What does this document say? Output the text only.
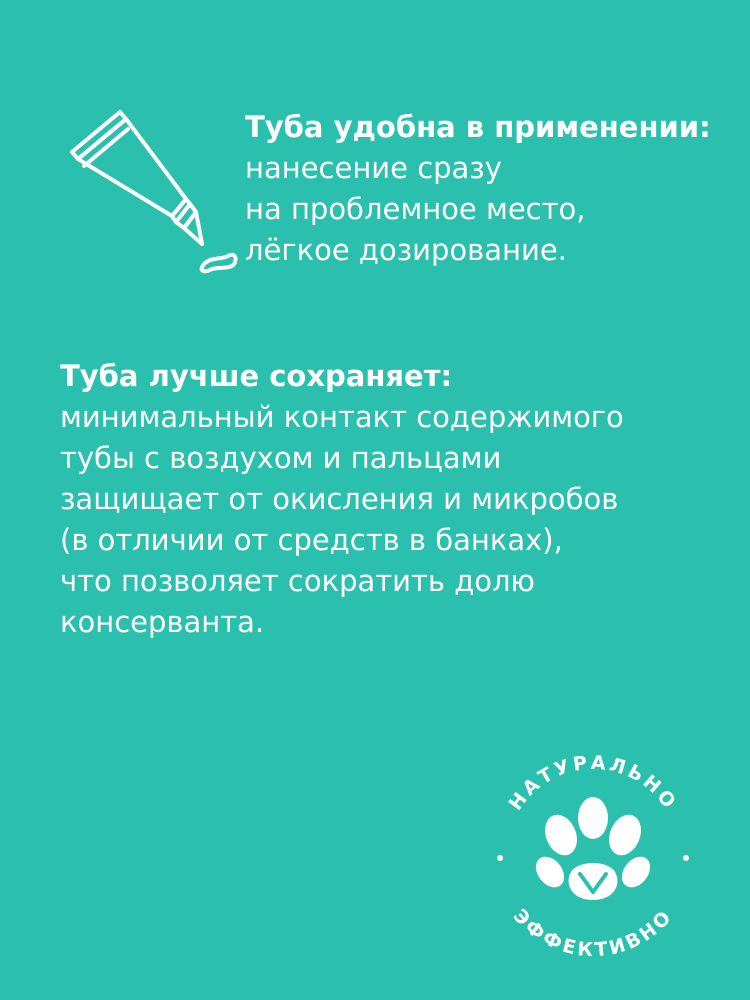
Туба удобна в применении:
нанесение сразу
на проблемное место,
лёгкое дозирование.
Туба лучше сохраняет:
минимальный контакт содержимого
тубы с воздухом и пальцами
защищает от окисления и микробов
(в отличии от средств в банках),
что позволяет сократить долю
консерванта.
НАТУРАЛЬНО
ЭФФЕКТИВНО
